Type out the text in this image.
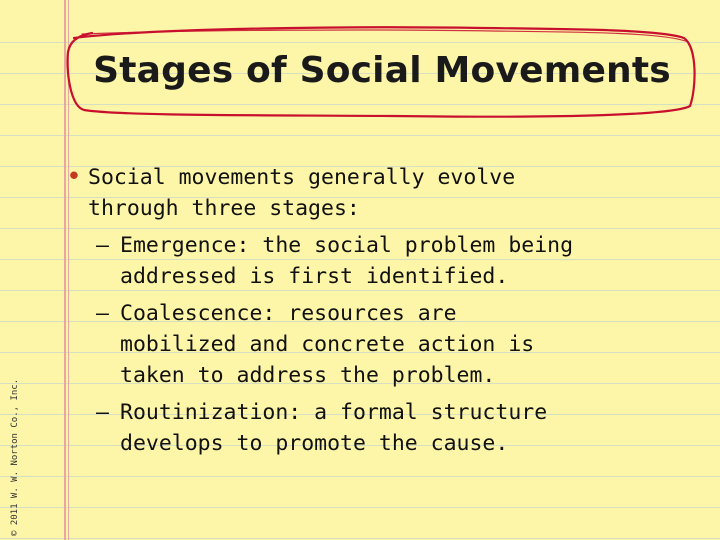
Stages of Social Movements
© 2011 W. W. Norton Co., Inc.
• Social movements generally evolve
through three stages:
– Emergence: the social problem being
addressed is first identified.
– Coalescence: resources are
mobilized and concrete action is
taken to address the problem.
– Routinization: a formal structure
develops to promote the cause.
